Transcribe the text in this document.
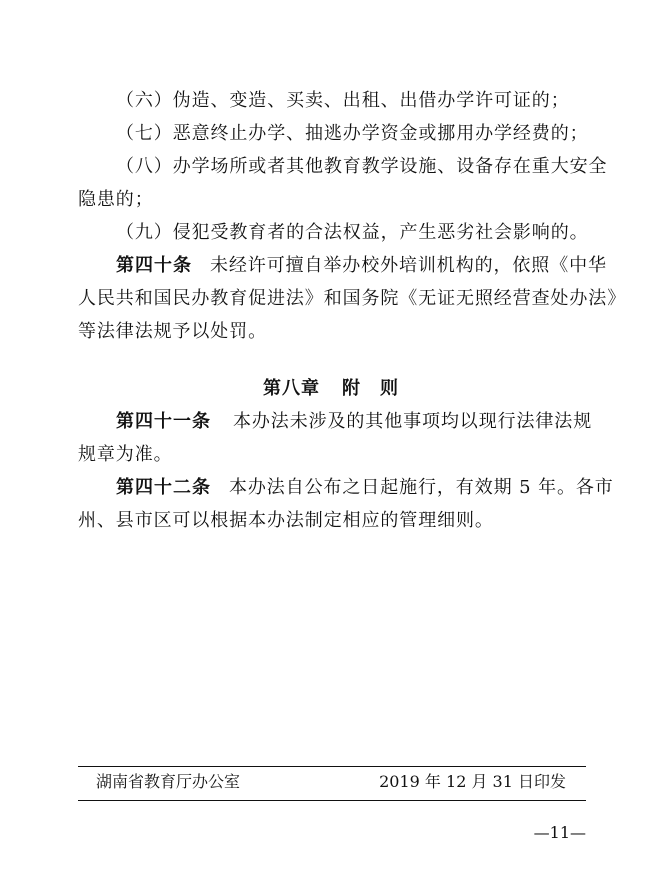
（六）伪造、变造、买卖、出租、出借办学许可证的；
（七）恶意终止办学、抽逃办学资金或挪用办学经费的；
（八）办学场所或者其他教育教学设施、设备存在重大安全
隐患的；
（九）侵犯受教育者的合法权益，产生恶劣社会影响的。
第四十条 未经许可擅自举办校外培训机构的，依照《中华
人民共和国民办教育促进法》和国务院《无证无照经营查处办法》
等法律法规予以处罚。
第八章 附　则
第四十一条 本办法未涉及的其他事项均以现行法律法规
规章为准。
第四十二条 本办法自公布之日起施行，有效期 5 年。各市
州、县市区可以根据本办法制定相应的管理细则。
湖南省教育厅办公室	2019 年 12 月 31 日印发
—11—
